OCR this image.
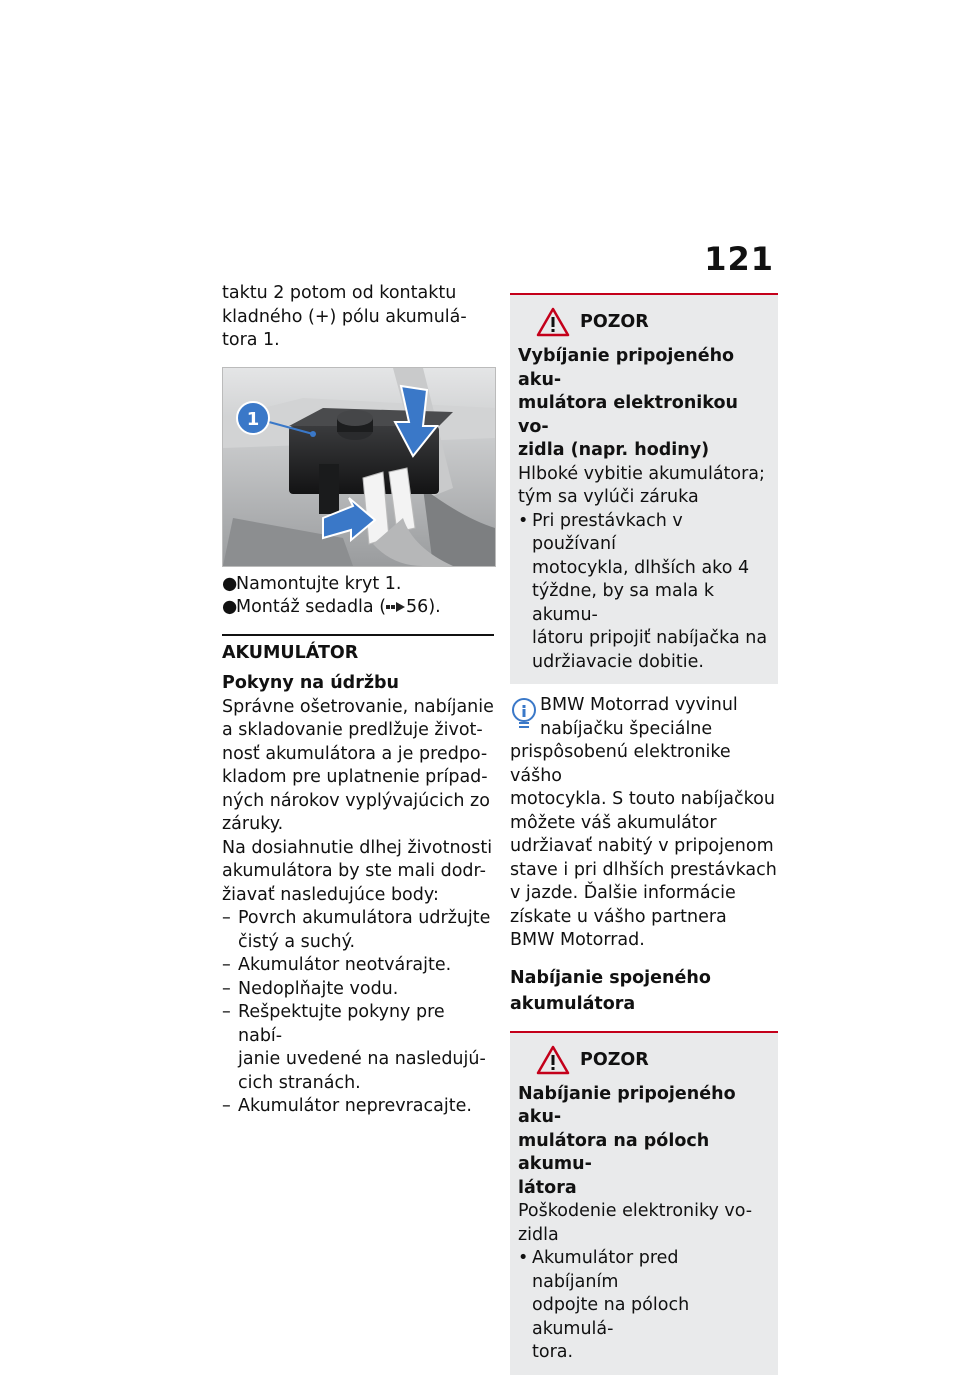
121

taktu 2 potom od kontaktu

kladného (+) pólu akumulá-

tora 1.

1
●
Namontujte kryt 1.
●
Montáž sedadla ( 56).

AKUMULÁTOR

Pokyny na údržbu

Správne ošetrovanie, nabíjanie

a skladovanie predlžuje život-

nosť akumulátora a je predpo-

kladom pre uplatnenie prípad-

ných nárokov vyplývajúcich zo

záruky.

Na dosiahnutie dlhej životnosti

akumulátora by ste mali dodr-

žiavať nasledujúce body:

– Povrch akumulátora udržujte
čistý a suchý.
– Akumulátor neotvárajte.
– Nedoplňajte vodu.
– Rešpektujte pokyny pre nabí-
janie uvedené na nasledujú-
cich stranách.
– Akumulátor neprevracajte.
POZOR

Vybíjanie pripojeného aku-

mulátora elektronikou vo-

zidla (napr. hodiny)

Hlboké vybitie akumulátora;

tým sa vylúči záruka

• Pri prestávkach v používaní
motocykla, dlhších ako 4
týždne, by sa mala k akumu-
látoru pripojiť nabíjačka na
udržiavacie dobitie.

BMW Motorrad vyvinul

nabíjačku špeciálne

prispôsobenú elektronike vášho

motocykla. S touto nabíjačkou

môžete váš akumulátor

udržiavať nabitý v pripojenom

stave i pri dlhších prestávkach

v jazde. Ďalšie informácie

získate u vášho partnera

BMW Motorrad.

Nabíjanie spojeného

akumulátora

POZOR

Nabíjanie pripojeného aku-

mulátora na póloch akumu-

látora

Poškodenie elektroniky vo-

zidla

• Akumulátor pred nabíjaním
odpojte na póloch akumulá-
tora.
